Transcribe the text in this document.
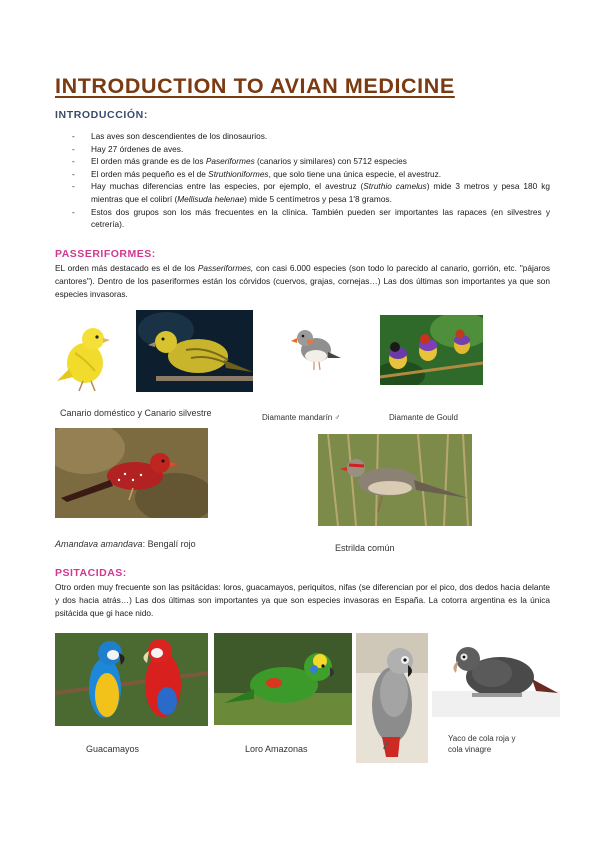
INTRODUCTION TO AVIAN MEDICINE
INTRODUCCIÓN:
- Las aves son descendientes de los dinosaurios.
- Hay 27 órdenes de aves.
- El orden más grande es de los Paseriformes (canarios y similares) con 5712 especies
- El orden más pequeño es el de Struthioniformes, que solo tiene una única especie, el avestruz.
- Hay muchas diferencias entre las especies, por ejemplo, el avestruz (Struthio camelus) mide 3 metros y pesa 180 kg mientras que el colibrí (Mellisuda helenae) mide 5 centímetros y pesa 1'8 gramos.
- Estos dos grupos son los más frecuentes en la clínica. También pueden ser importantes las rapaces (en silvestres y cetrería).
PASSERIFORMES:

EL orden más destacado es el de los Passeriformes, con casi 6.000 especies (son todo lo parecido al canario, gorrión, etc. "pájaros cantores"). Dentro de los paseriformes están los córvidos (cuervos, grajas, cornejas…) Las dos últimas son importantes ya que son especies invasoras.

Canario doméstico y Canario silvestre	Diamante mandarín ♂	Diamante de Gould

Amandava amandava: Bengalí rojo	Estrilda común

PSITACIDAS:

Otro orden muy frecuente son las psitácidas: loros, guacamayos, periquitos, nifas (se diferencian por el pico, dos dedos hacia delante y dos hacia atrás…) Las dos últimas son importantes ya que son especies invasoras en España. La cotorra argentina es la única psitácida que gi hace nido.

Guacamayos	Loro Amazonas

Yaco de cola roja y

cola vinagre
